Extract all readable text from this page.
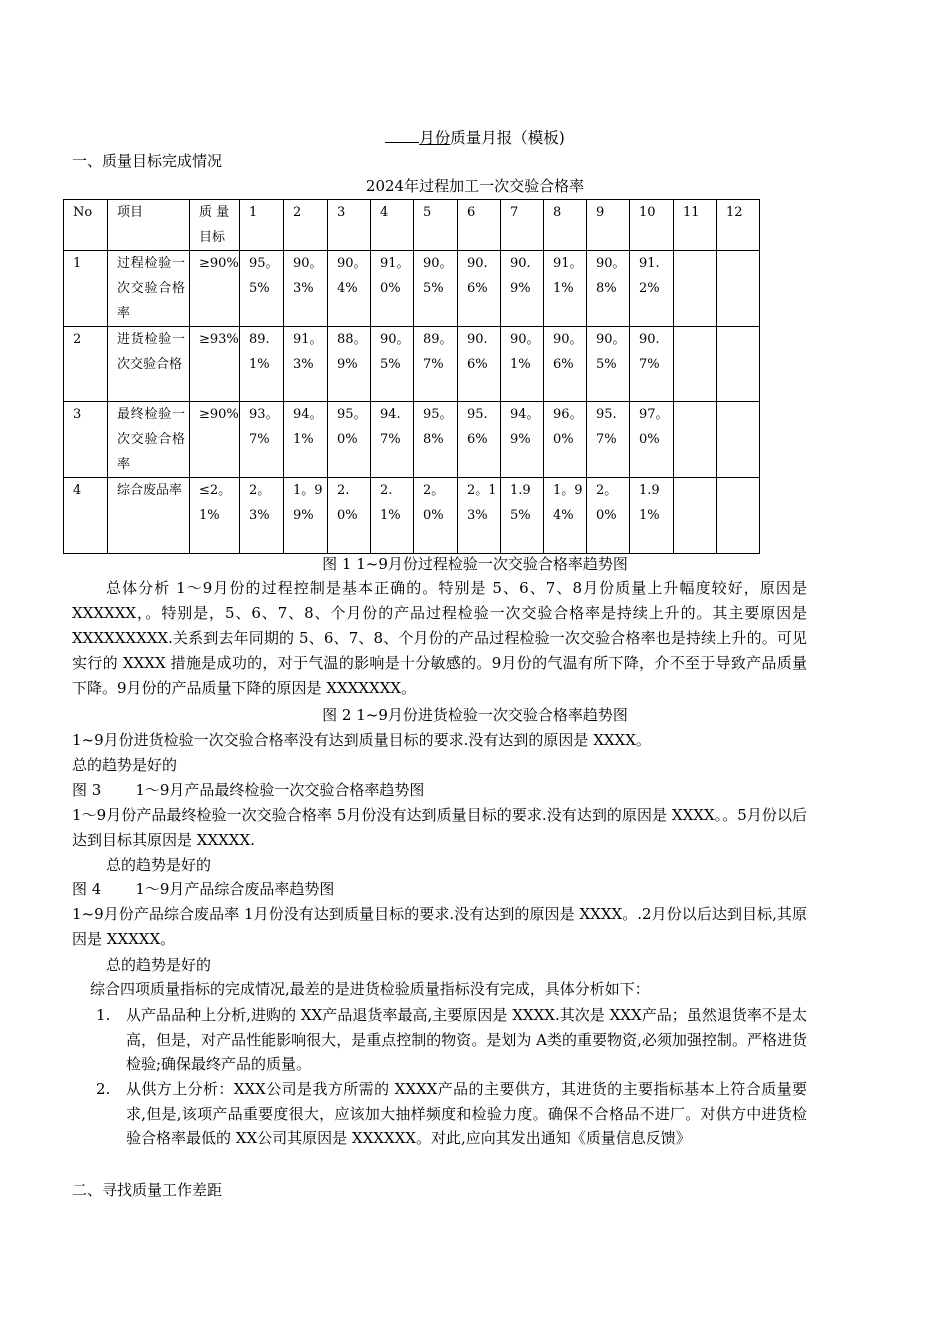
月份质量月报（模板)
一、质量目标完成情况
2024年过程加工一次交验合格率
No	项目	质 量目标	1	2	3	4	5	6	7	8	9	10	11	12
1	过程检验一次交验合格率	≥90%	95。5%	90。3%	90。4%	91。0%	90。5%	90.6%	90.9%	91。1%	90。8%	91.2%		
2	进货检验一次交验合格	≥93%	89.1%	91。3%	88。9%	90。5%	89。7%	90.6%	90。1%	90。6%	90。5%	90.7%		
3	最终检验一次交验合格率	≥90%	93。7%	94。1%	95。0%	94.7%	95。8%	95.6%	94。9%	96。0%	95.7%	97。0%		
4	综合废品率	≤2。1%	2。3%	1。99%	2.0%	2.1%	2。0%	2。13%	1.95%	1。94%	2。0%	1.91%		
图 1 1~9月份过程检验一次交验合格率趋势图
总体分析 1～9月份的过程控制是基本正确的。特别是 5、6、7、8月份质量上升幅度较好，原因是 XXXXXX，。特别是，5、6、7、8、个月份的产品过程检验一次交验合格率是持续上升的。其主要原因是 XXXXXXXXX.关系到去年同期的 5、6、7、8、个月份的产品过程检验一次交验合格率也是持续上升的。可见实行的 XXXX 措施是成功的，对于气温的影响是十分敏感的。9月份的气温有所下降，介不至于导致产品质量下降。9月份的产品质量下降的原因是 XXXXXXX。
图 2 1~9月份进货检验一次交验合格率趋势图
1~9月份进货检验一次交验合格率没有达到质量目标的要求.没有达到的原因是 XXXX。
总的趋势是好的
图 3 1～9月产品最终检验一次交验合格率趋势图
1～9月份产品最终检验一次交验合格率 5月份没有达到质量目标的要求.没有达到的原因是 XXXX。。5月份以后达到目标其原因是 XXXXX.
总的趋势是好的
图 4 1～9月产品综合废品率趋势图
1~9月份产品综合废品率 1月份没有达到质量目标的要求.没有达到的原因是 XXXX。.2月份以后达到目标,其原因是 XXXXX。
总的趋势是好的
综合四项质量指标的完成情况,最差的是进货检验质量指标没有完成，具体分析如下：
1. 从产品品种上分析,进购的 XX产品退货率最高,主要原因是 XXXX.其次是 XXX产品；虽然退货率不是太高，但是，对产品性能影响很大，是重点控制的物资。是划为 A类的重要物资,必须加强控制。严格进货检验;确保最终产品的质量。
2. 从供方上分析：XXX公司是我方所需的 XXXX产品的主要供方，其进货的主要指标基本上符合质量要求,但是,该项产品重要度很大，应该加大抽样频度和检验力度。确保不合格品不进厂。对供方中进货检验合格率最低的 XX公司其原因是 XXXXXX。对此,应向其发出通知《质量信息反馈》
二、寻找质量工作差距
